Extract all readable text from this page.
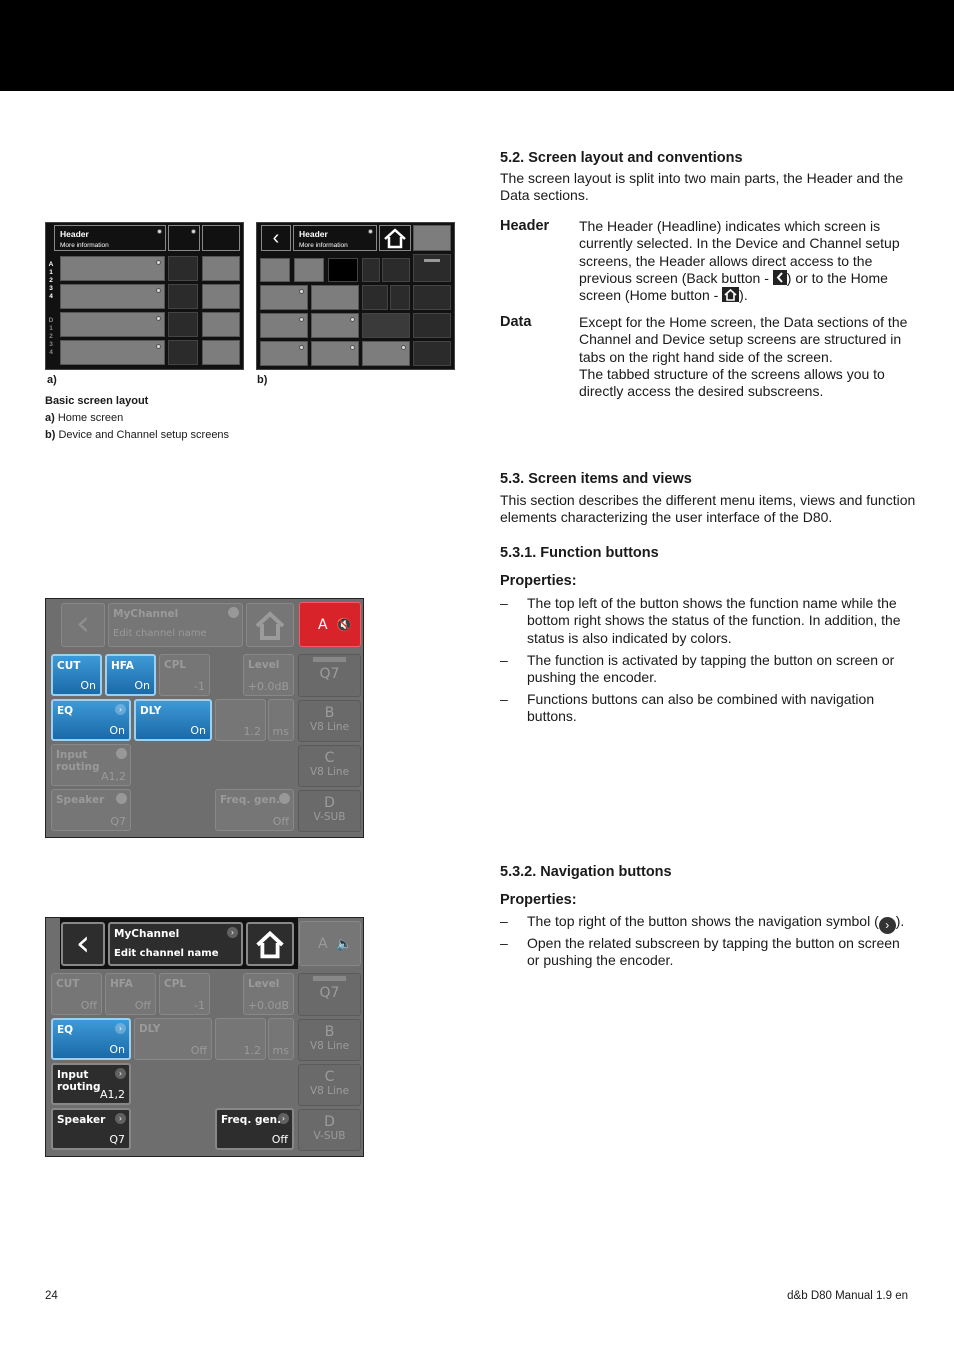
Header
More information
A
1
2
3
4
D
1
2
3
4
‹	Header
More information
a)	b)
Basic screen layout
a) Home screen
b) Device and Channel setup screens
5.2. Screen layout and conventions
The screen layout is split into two main parts, the Header and the
Data sections.
Header The Header (Headline) indicates which screen is
currently selected. In the Device and Channel setup
screens, the Header allows direct access to the
previous screen (Back button - ) or to the Home
screen (Home button - ).
Data	Except for the Home screen, the Data sections of the
Channel and Device setup screens are structured in
tabs on the right hand side of the screen.
The tabbed structure of the screens allows you to
directly access the desired subscreens.
5.3. Screen items and views
This section describes the different menu items, views and function
elements characterizing the user interface of the D80.
5.3.1. Function buttons
Properties:
– The top left of the button shows the function name while the
bottom right shows the status of the function. In addition, the
status is also indicated by colors.
– The function is activated by tapping the button on screen or
pushing the encoder.
– Functions buttons can also be combined with navigation
buttons.
5.3.2. Navigation buttons
Properties:
– The top right of the button shows the navigation symbol ( › ).
– Open the related subscreen by tapping the button on screen
or pushing the encoder.
‹	MyChannel
Edit channel name
›
A 🔇
CUT
On
HFA
On
CPL
-1
Level
+0.0dB
Q7
EQ	›
On
DLY
On	1.2 ms
B
V8 Line
Input
routing
›
A1,2
C
V8 Line
Speaker	›
Q7
Freq. gen. ›
Off
D
V-SUB
‹	MyChannel
Edit channel name
›
A 🔈
CUT
Off
HFA
Off
CPL
-1
Level
+0.0dB
Q7
EQ	›
On
DLY
Off	1.2 ms
B
V8 Line
Input
routing
›
A1,2
C
V8 Line
Speaker	›
Q7
Freq. gen. ›
Off
D
V-SUB
24	d&b D80 Manual 1.9 en
